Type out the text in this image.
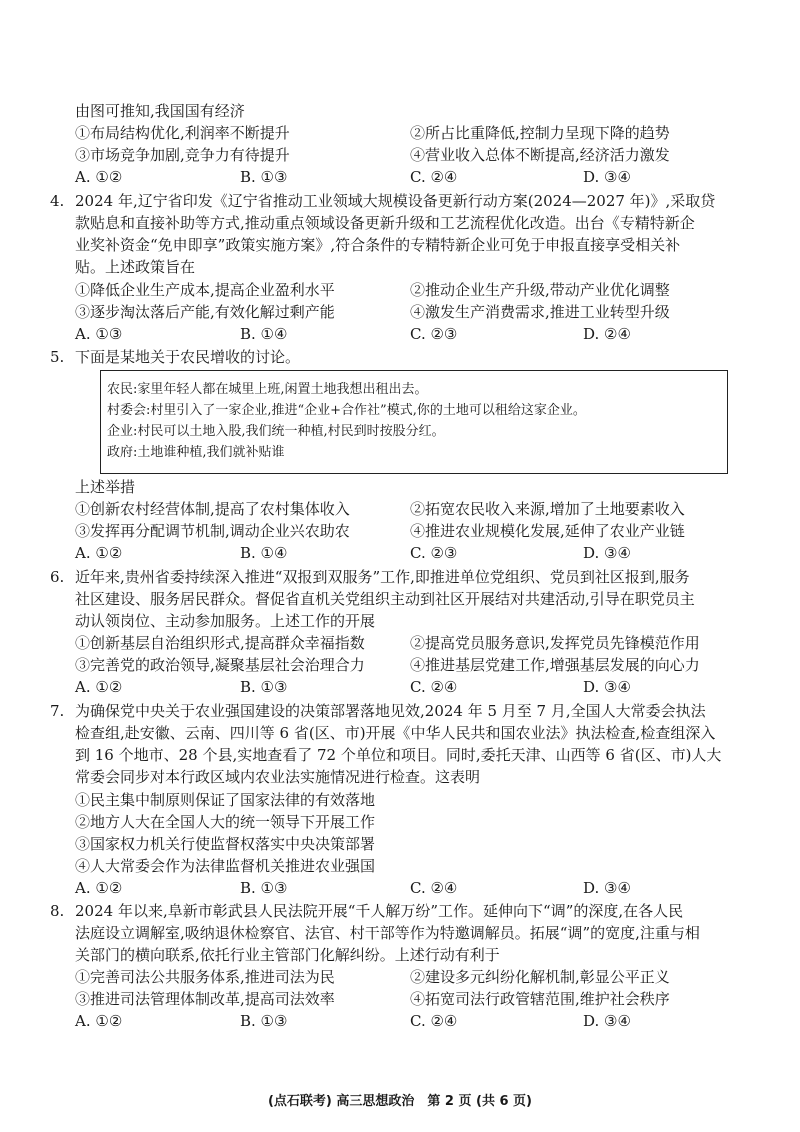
由图可推知,我国国有经济
①布局结构优化,利润率不断提升	②所占比重降低,控制力呈现下降的趋势
③市场竞争加剧,竞争力有待提升	④营业收入总体不断提高,经济活力激发
A. ①②	B. ①③	C. ②④	D. ③④
4. 2024 年,辽宁省印发《辽宁省推动工业领域大规模设备更新行动方案(2024—2027 年)》,采取贷
款贴息和直接补助等方式,推动重点领域设备更新升级和工艺流程优化改造。出台《专精特新企
业奖补资金“免申即享”政策实施方案》,符合条件的专精特新企业可免于申报直接享受相关补
贴。上述政策旨在
①降低企业生产成本,提高企业盈利水平	②推动企业生产升级,带动产业优化调整
③逐步淘汰落后产能,有效化解过剩产能	④激发生产消费需求,推进工业转型升级
A. ①③	B. ①④	C. ②③	D. ②④
5. 下面是某地关于农民增收的讨论。
农民:家里年轻人都在城里上班,闲置土地我想出租出去。
村委会:村里引入了一家企业,推进“企业+合作社”模式,你的土地可以租给这家企业。
企业:村民可以土地入股,我们统一种植,村民到时按股分红。
政府:土地谁种植,我们就补贴谁
上述举措
①创新农村经营体制,提高了农村集体收入	②拓宽农民收入来源,增加了土地要素收入
③发挥再分配调节机制,调动企业兴农助农	④推进农业规模化发展,延伸了农业产业链
A. ①②	B. ①④	C. ②③	D. ③④
6. 近年来,贵州省委持续深入推进“双报到双服务”工作,即推进单位党组织、党员到社区报到,服务
社区建设、服务居民群众。督促省直机关党组织主动到社区开展结对共建活动,引导在职党员主
动认领岗位、主动参加服务。上述工作的开展
①创新基层自治组织形式,提高群众幸福指数	②提高党员服务意识,发挥党员先锋模范作用
③完善党的政治领导,凝聚基层社会治理合力	④推进基层党建工作,增强基层发展的向心力
A. ①②	B. ①③	C. ②④	D. ③④
7. 为确保党中央关于农业强国建设的决策部署落地见效,2024 年 5 月至 7 月,全国人大常委会执法
检查组,赴安徽、云南、四川等 6 省(区、市)开展《中华人民共和国农业法》执法检查,检查组深入
到 16 个地市、28 个县,实地查看了 72 个单位和项目。同时,委托天津、山西等 6 省(区、市)人大
常委会同步对本行政区域内农业法实施情况进行检查。这表明
①民主集中制原则保证了国家法律的有效落地
②地方人大在全国人大的统一领导下开展工作
③国家权力机关行使监督权落实中央决策部署
④人大常委会作为法律监督机关推进农业强国
A. ①②	B. ①③	C. ②④	D. ③④
8. 2024 年以来,阜新市彰武县人民法院开展“千人解万纷”工作。延伸向下“调”的深度,在各人民
法庭设立调解室,吸纳退休检察官、法官、村干部等作为特邀调解员。拓展“调”的宽度,注重与相
关部门的横向联系,依托行业主管部门化解纠纷。上述行动有利于
①完善司法公共服务体系,推进司法为民	②建设多元纠纷化解机制,彰显公平正义
③推进司法管理体制改革,提高司法效率	④拓宽司法行政管辖范围,维护社会秩序
A. ①②	B. ①③	C. ②④	D. ③④
(点石联考) 高三思想政治　第 2 页 (共 6 页)
